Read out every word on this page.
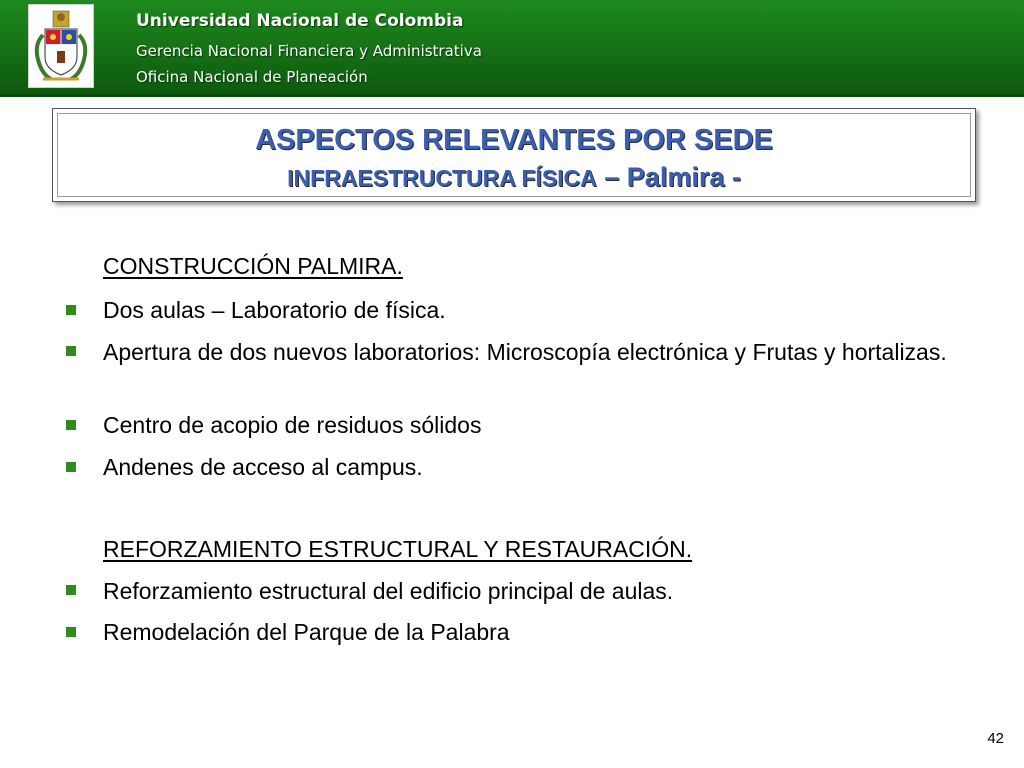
Universidad Nacional de Colombia
Gerencia Nacional Financiera y Administrativa
Oficina Nacional de Planeación
ASPECTOS RELEVANTES POR SEDE
INFRAESTRUCTURA FÍSICA – Palmira -
CONSTRUCCIÓN PALMIRA.
Dos aulas – Laboratorio de física.
Apertura de dos nuevos laboratorios: Microscopía electrónica y Frutas y hortalizas.
Centro de acopio de residuos sólidos
Andenes de acceso al campus.
REFORZAMIENTO ESTRUCTURAL Y RESTAURACIÓN.
Reforzamiento estructural del edificio principal de aulas.
Remodelación del Parque de la Palabra
42
